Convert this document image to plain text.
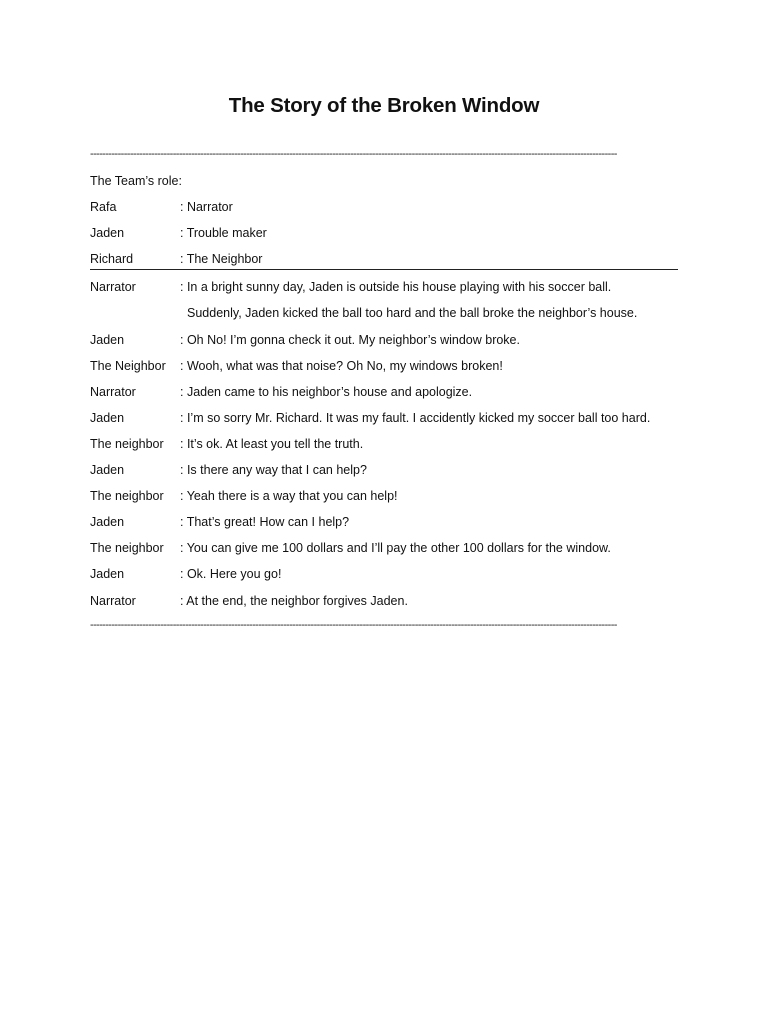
The Story of the Broken Window
----------------------------------------------------------------------------------------------------------------------------------------------------------------------------
The Team’s role:
Rafa	: Narrator
Jaden	: Trouble maker
Richard	: The Neighbor
Narrator	: In a bright sunny day, Jaden is outside his house playing with his soccer ball.
Suddenly, Jaden kicked the ball too hard and the ball broke the neighbor’s house.
Jaden	: Oh No! I’m gonna check it out. My neighbor’s window broke.
The Neighbor : Wooh, what was that noise? Oh No, my windows broken!
Narrator	: Jaden came to his neighbor’s house and apologize.
Jaden	: I’m so sorry Mr. Richard. It was my fault. I accidently kicked my soccer ball too hard.
The neighbor : It’s ok. At least you tell the truth.
Jaden	: Is there any way that I can help?
The neighbor : Yeah there is a way that you can help!
Jaden	: That’s great! How can I help?
The neighbor : You can give me 100 dollars and I’ll pay the other 100 dollars for the window.
Jaden	: Ok. Here you go!
Narrator	: At the end, the neighbor forgives Jaden.
----------------------------------------------------------------------------------------------------------------------------------------------------------------------------
